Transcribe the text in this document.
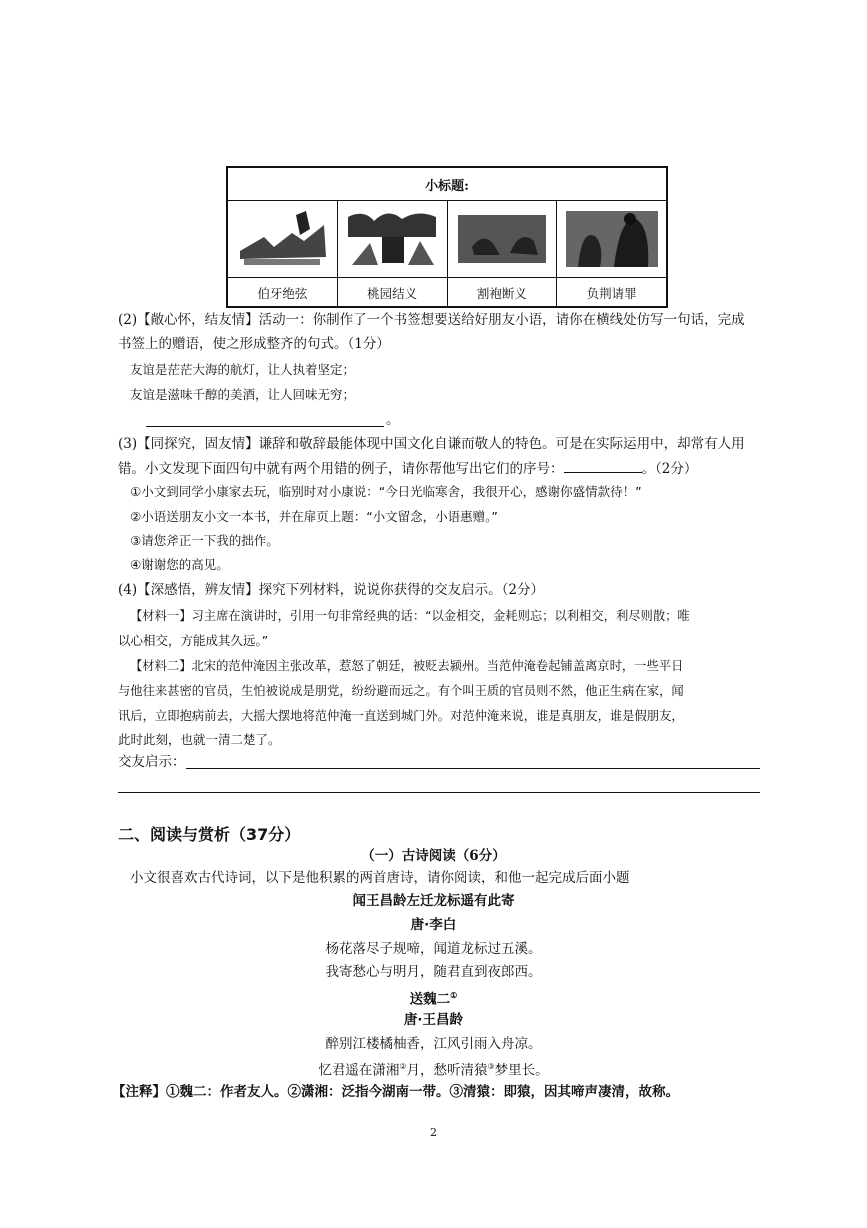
小标题:
伯牙绝弦	桃园结义	割袍断义	负荆请罪
(2)【敞心怀，结友情】活动一：你制作了一个书签想要送给好朋友小语，请你在横线处仿写一句话，完成
书签上的赠语，使之形成整齐的句式。（1分）
友谊是茫茫大海的航灯，让人执着坚定；
友谊是滋味千醇的美酒，让人回味无穷；
。
(3)【同探究，固友情】谦辞和敬辞最能体现中国文化自谦而敬人的特色。可是在实际运用中，却常有人用
错。小文发现下面四句中就有两个用错的例子，请你帮他写出它们的序号：	。（2分）
①小文到同学小康家去玩，临别时对小康说：“今日光临寒舍，我很开心，感谢你盛情款待！”
②小语送朋友小文一本书，并在扉页上题：“小文留念，小语惠赠。”
③请您斧正一下我的拙作。
④谢谢您的高见。
(4)【深感悟，辨友情】探究下列材料，说说你获得的交友启示。（2分）
【材料一】习主席在演讲时，引用一句非常经典的话：“以金相交，金耗则忘；以利相交，利尽则散；唯
以心相交，方能成其久远。”
【材料二】北宋的范仲淹因主张改革，惹怒了朝廷，被贬去颍州。当范仲淹卷起铺盖离京时，一些平日
与他往来甚密的官员，生怕被说成是朋党，纷纷避而远之。有个叫王质的官员则不然，他正生病在家，闻
讯后，立即抱病前去，大摇大摆地将范仲淹一直送到城门外。对范仲淹来说，谁是真朋友，谁是假朋友，
此时此刻，也就一清二楚了。
交友启示：
二、阅读与赏析（37分）
（一）古诗阅读（6分）
小文很喜欢古代诗词，以下是他积累的两首唐诗，请你阅读，和他一起完成后面小题
闻王昌龄左迁龙标遥有此寄
唐·李白
杨花落尽子规啼，闻道龙标过五溪。
我寄愁心与明月，随君直到夜郎西。
送魏二①
唐·王昌龄
醉别江楼橘柚香，江风引雨入舟凉。
忆君遥在潇湘②月，愁听清猿③梦里长。
【注释】①魏二：作者友人。②潇湘：泛指今湖南一带。③清猿：即猿，因其啼声凄清，故称。
2
